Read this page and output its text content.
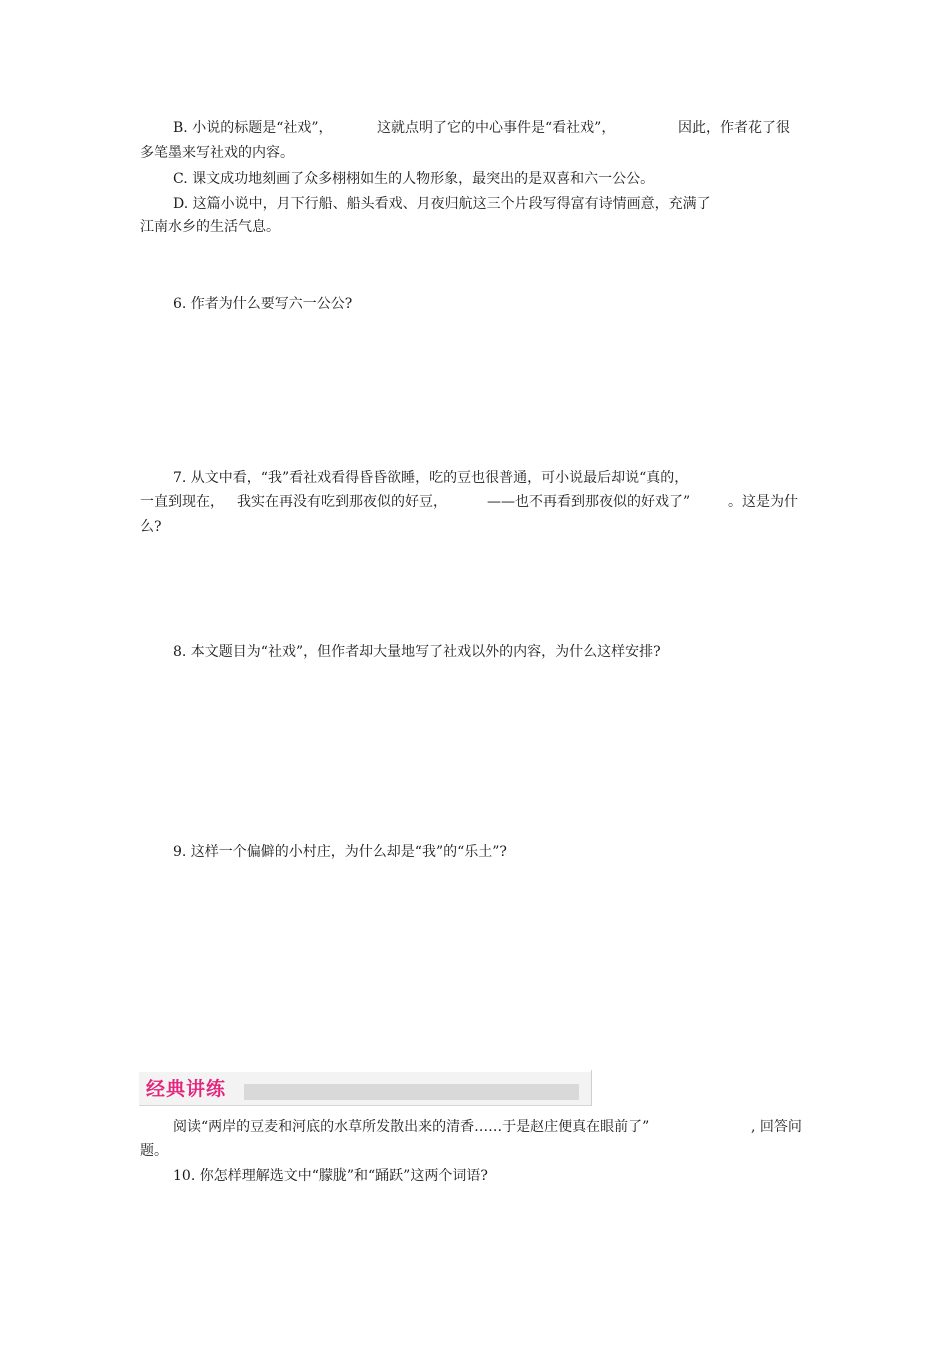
B. 小说的标题是“社戏”，	这就点明了它的中心事件是“看社戏”，	因此，作者花了很
多笔墨来写社戏的内容。
C. 课文成功地刻画了众多栩栩如生的人物形象，最突出的是双喜和六一公公。
D. 这篇小说中，月下行船、船头看戏、月夜归航这三个片段写得富有诗情画意，充满了
江南水乡的生活气息。
6. 作者为什么要写六一公公?
7. 从文中看，“我”看社戏看得昏昏欲睡，吃的豆也很普通，可小说最后却说“真的，
一直到现在， 我实在再没有吃到那夜似的好豆，	——也不再看到那夜似的好戏了”	。这是为什
么?
8. 本文题目为“社戏”，但作者却大量地写了社戏以外的内容，为什么这样安排?
9. 这样一个偏僻的小村庄，为什么却是“我”的“乐土”?
经典讲练
阅读“两岸的豆麦和河底的水草所发散出来的清香……于是赵庄便真在眼前了”	, 回答问
题。
10. 你怎样理解选文中“朦胧”和“踊跃”这两个词语?
